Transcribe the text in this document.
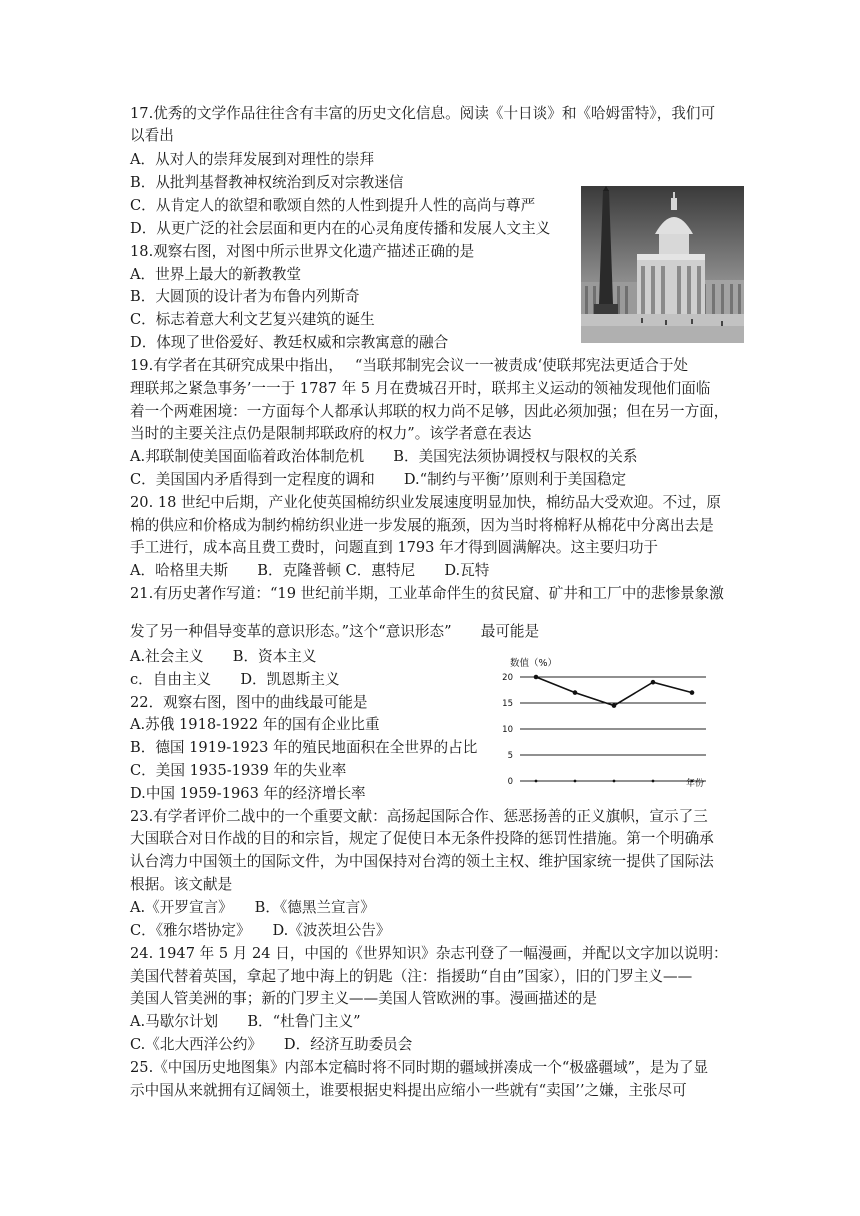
17.优秀的文学作品往往含有丰富的历史文化信息。阅读《十日谈》和《哈姆雷特》，我们可
以看出
A．从对人的崇拜发展到对理性的崇拜
B．从批判基督教神权统治到反对宗教迷信
C．从肯定人的欲望和歌颂自然的人性到提升人性的高尚与尊严
D．从更广泛的社会层面和更内在的心灵角度传播和发展人文主义
18.观察右图，对图中所示世界文化遗产描述正确的是
A．世界上最大的新教教堂
B．大圆顶的设计者为布鲁内列斯奇
C．标志着意大利文艺复兴建筑的诞生
D．体现了世俗爱好、教廷权威和宗教寓意的融合
19.有学者在其研究成果中指出，　 “当联邦制宪会议一一被责成‘使联邦宪法更适合于处
理联邦之紧急事务’一一于 1787 年 5 月在费城召开时，联邦主义运动的领袖发现他们面临
着一个两难困境：一方面每个人都承认邦联的权力尚不足够，因此必须加强；但在另一方面，
当时的主要关注点仍是限制邦联政府的权力”。该学者意在表达
A.邦联制使美国面临着政治体制危机　　B．美国宪法须协调授权与限权的关系
C．美国国内矛盾得到一定程度的调和　　D.“制约与平衡’’原则利于美国稳定
20. 18 世纪中后期，产业化使英国棉纺织业发展速度明显加快，棉纺品大受欢迎。不过，原
棉的供应和价格成为制约棉纺织业进一步发展的瓶颈，因为当时将棉籽从棉花中分离出去是
手工进行，成本高且费工费时，问题直到 1793 年才得到圆满解决。这主要归功于
A．哈格里夫斯　　B．克隆普顿 C．惠特尼　　D.瓦特
21.有历史著作写道：“19 世纪前半期，工业革命伴生的贫民窟、矿井和工厂中的悲惨景象激
发了另一种倡导变革的意识形态。”这个“意识形态”　　最可能是
A.社会主义　　B．资本主义
c．自由主义　　D．凯恩斯主义
22．观察右图，图中的曲线最可能是
A.苏俄 1918-1922 年的国有企业比重
B．德国 1919-1923 年的殖民地面积在全世界的占比
C．美国 1935-1939 年的失业率
D.中国 1959-1963 年的经济增长率
0
5
10
15
20
数值（%）
年份
23.有学者评价二战中的一个重要文献：高扬起国际合作、惩恶扬善的正义旗帜，宣示了三
大国联合对日作战的目的和宗旨，规定了促使日本无条件投降的惩罚性措施。第一个明确承
认台湾力中国领土的国际文件，为中国保持对台湾的领土主权、维护国家统一提供了国际法
根据。该文献是
A.《开罗宣言》　　B．《德黑兰宣言》
C．《雅尔塔协定》　　D.《波茨坦公告》
24. 1947 年 5 月 24 日，中国的《世界知识》杂志刊登了一幅漫画，并配以文字加以说明：
美国代替着英国，拿起了地中海上的钥匙（注：指援助“自由”国家），旧的门罗主义——
美国人管美洲的事；新的门罗主义——美国人管欧洲的事。漫画描述的是
A.马歇尔计划　　B．“杜鲁门主义”
C.《北大西洋公约》　　D．经济互助委员会
25.《中国历史地图集》内部本定稿时将不同时期的疆域拼凑成一个“极盛疆域”，是为了显
示中国从来就拥有辽阔领土，谁要根据史料提出应缩小一些就有“卖国’’之嫌，主张尽可
